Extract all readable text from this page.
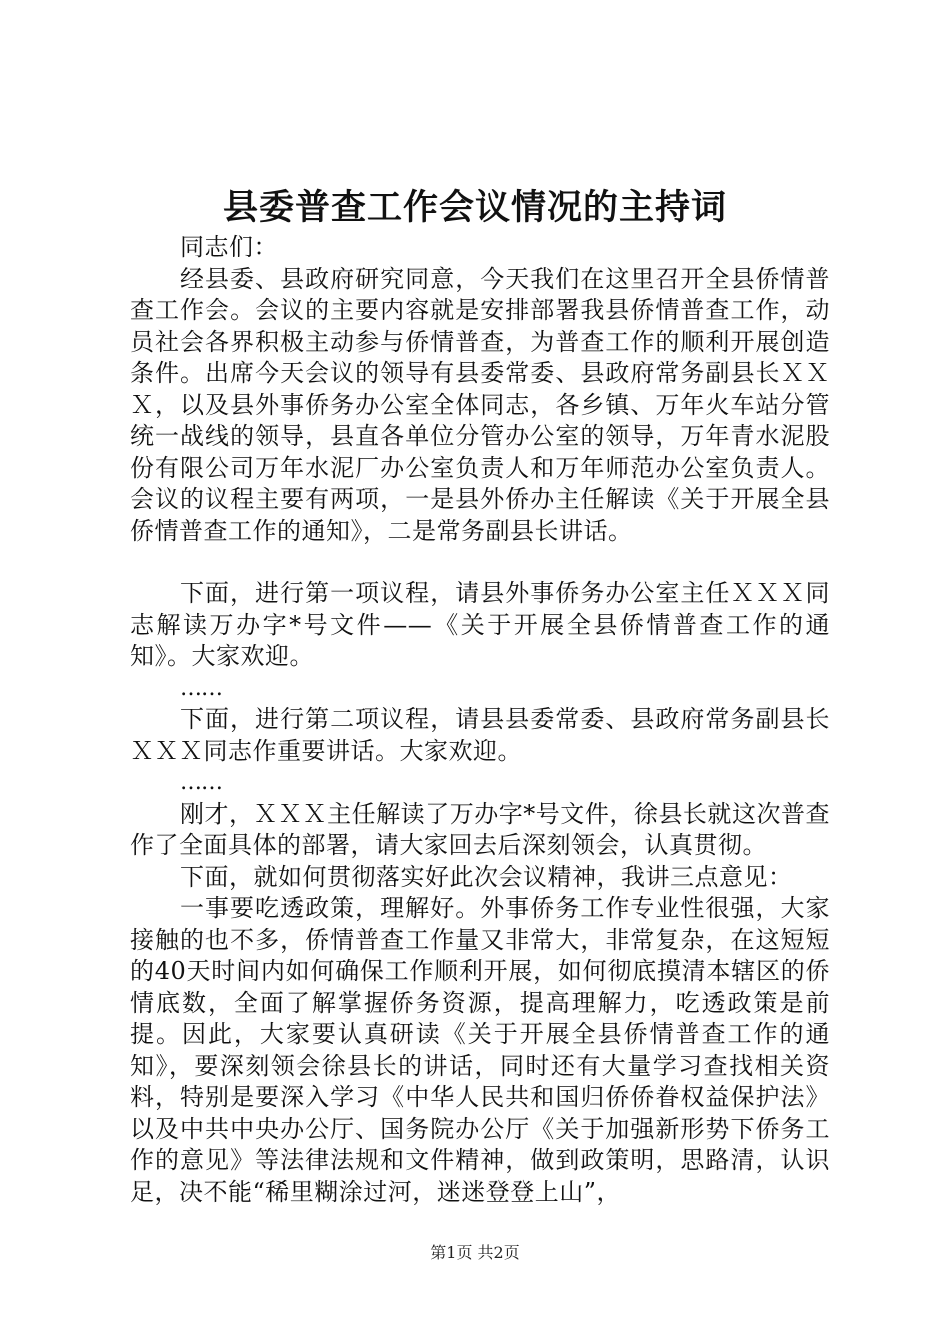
县委普查工作会议情况的主持词

同志们：

经县委、县政府研究同意，今天我们在这里召开全县侨情普查工作会。会议的主要内容就是安排部署我县侨情普查工作，动员社会各界积极主动参与侨情普查，为普查工作的顺利开展创造条件。出席今天会议的领导有县委常委、县政府常务副县长ＸＸＸ，以及县外事侨务办公室全体同志，各乡镇、万年火车站分管统一战线的领导，县直各单位分管办公室的领导，万年青水泥股份有限公司万年水泥厂办公室负责人和万年师范办公室负责人。会议的议程主要有两项，一是县外侨办主任解读《关于开展全县侨情普查工作的通知》，二是常务副县长讲话。

下面，进行第一项议程，请县外事侨务办公室主任ＸＸＸ同志解读万办字*号文件——《关于开展全县侨情普查工作的通知》。大家欢迎。

……

下面，进行第二项议程，请县县委常委、县政府常务副县长ＸＸＸ同志作重要讲话。大家欢迎。

……

刚才，ＸＸＸ主任解读了万办字*号文件，徐县长就这次普查作了全面具体的部署，请大家回去后深刻领会，认真贯彻。

下面，就如何贯彻落实好此次会议精神，我讲三点意见：

一事要吃透政策，理解好。外事侨务工作专业性很强，大家接触的也不多，侨情普查工作量又非常大，非常复杂，在这短短的40天时间内如何确保工作顺利开展，如何彻底摸清本辖区的侨情底数，全面了解掌握侨务资源，提高理解力，吃透政策是前提。因此，大家要认真研读《关于开展全县侨情普查工作的通知》，要深刻领会徐县长的讲话，同时还有大量学习查找相关资料，特别是要深入学习《中华人民共和国归侨侨眷权益保护法》以及中共中央办公厅、国务院办公厅《关于加强新形势下侨务工作的意见》等法律法规和文件精神，做到政策明，思路清，认识足，决不能“稀里糊涂过河，迷迷登登上山”，

第1页 共2页
